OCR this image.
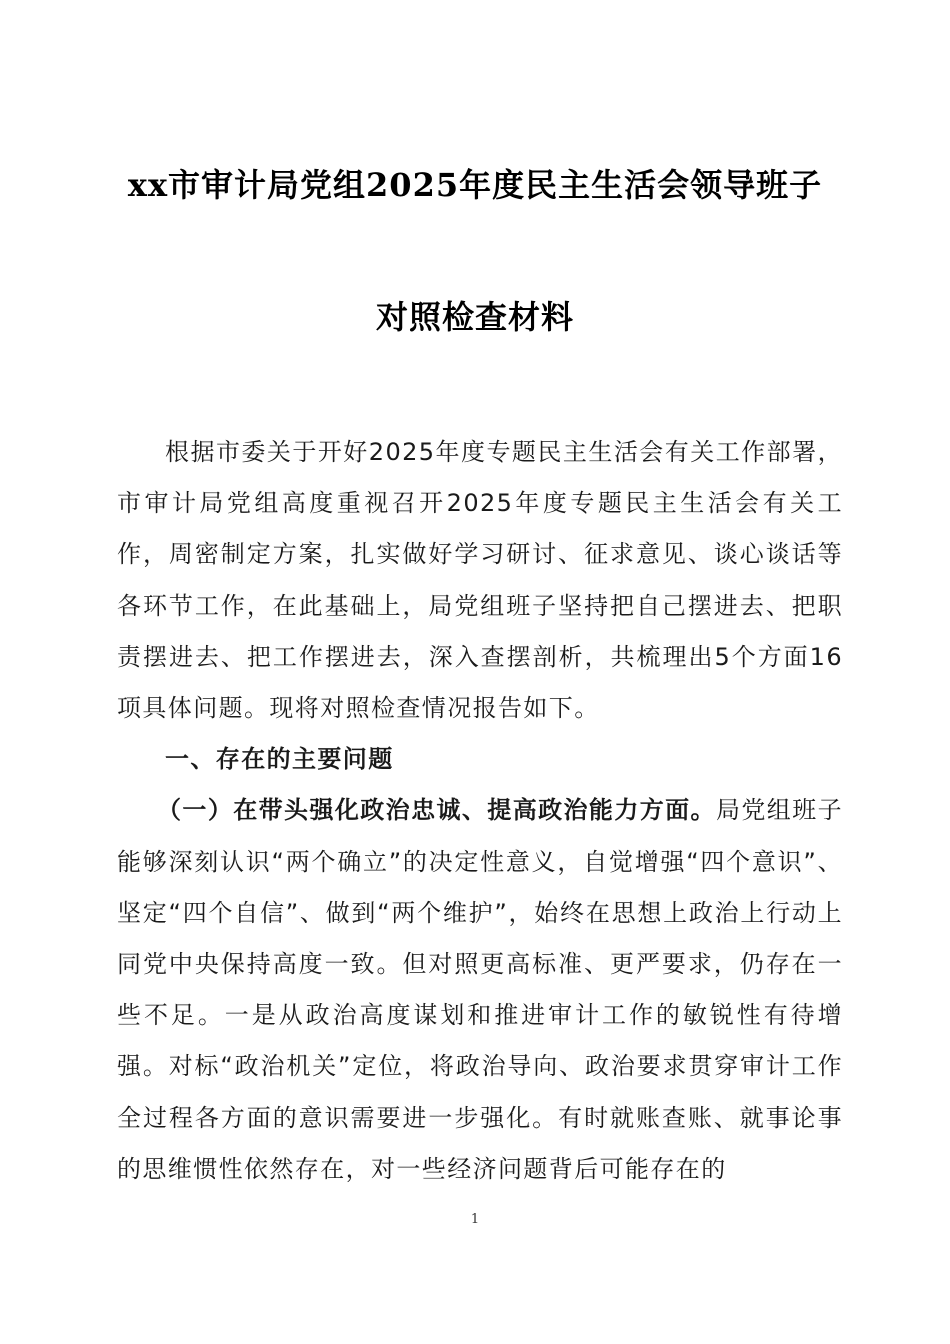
xx市审计局党组2025年度民主生活会领导班子
对照检查材料

根据市委关于开好2025年度专题民主生活会有关工作部署，市审计局党组高度重视召开2025年度专题民主生活会有关工作，周密制定方案，扎实做好学习研讨、征求意见、谈心谈话等各环节工作，在此基础上，局党组班子坚持把自己摆进去、把职责摆进去、把工作摆进去，深入查摆剖析，共梳理出5个方面16项具体问题。现将对照检查情况报告如下。

一、存在的主要问题

（一）在带头强化政治忠诚、提高政治能力方面。局党组班子能够深刻认识“两个确立”的决定性意义，自觉增强“四个意识”、坚定“四个自信”、做到“两个维护”，始终在思想上政治上行动上同党中央保持高度一致。但对照更高标准、更严要求，仍存在一些不足。一是从政治高度谋划和推进审计工作的敏锐性有待增强。对标“政治机关”定位，将政治导向、政治要求贯穿审计工作全过程各方面的意识需要进一步强化。有时就账查账、就事论事的思维惯性依然存在，对一些经济问题背后可能存在的

1
